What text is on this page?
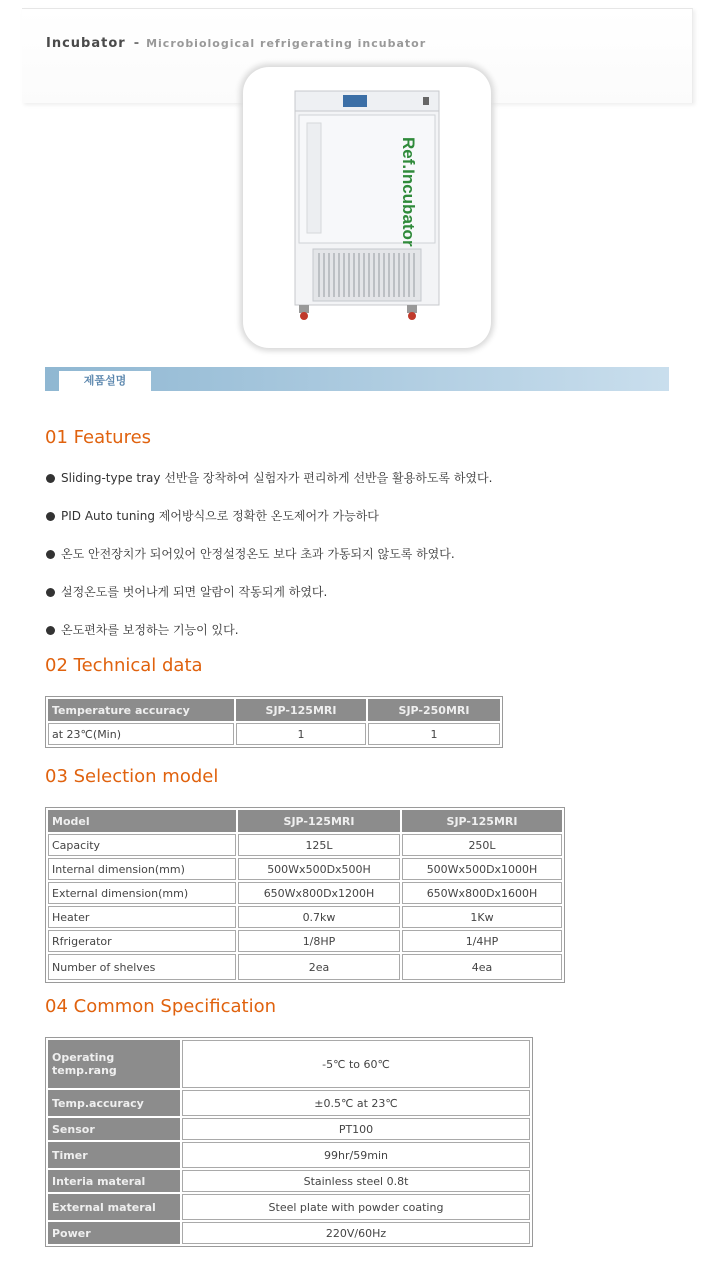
Incubator - Microbiological refrigerating incubator
Ref.Incubator
제품설명
01 Features
Sliding-type tray 선반을 장착하여 실험자가 편리하게 선반을 활용하도록 하였다.
PID Auto tuning 제어방식으로 정확한 온도제어가 가능하다
온도 안전장치가 되어있어 안정설정온도 보다 초과 가동되지 않도록 하였다.
설정온도를 벗어나게 되면 알람이 작동되게 하였다.
온도편차를 보정하는 기능이 있다.
02 Technical data
Temperature accuracy	SJP-125MRI	SJP-250MRI
at 23℃(Min)	1	1
03 Selection model
Model	SJP-125MRI	SJP-125MRI
Capacity	125L	250L
Internal dimension(mm)	500Wx500Dx500H	500Wx500Dx1000H
External dimension(mm)	650Wx800Dx1200H	650Wx800Dx1600H
Heater	0.7kw	1Kw
Rfrigerator	1/8HP	1/4HP
Number of shelves	2ea	4ea
04 Common Specification
Operating temp.rang	-5℃ to 60℃
Temp.accuracy	±0.5℃ at 23℃
Sensor	PT100
Timer	99hr/59min
Interia materal	Stainless steel 0.8t
External materal	Steel plate with powder coating
Power	220V/60Hz
